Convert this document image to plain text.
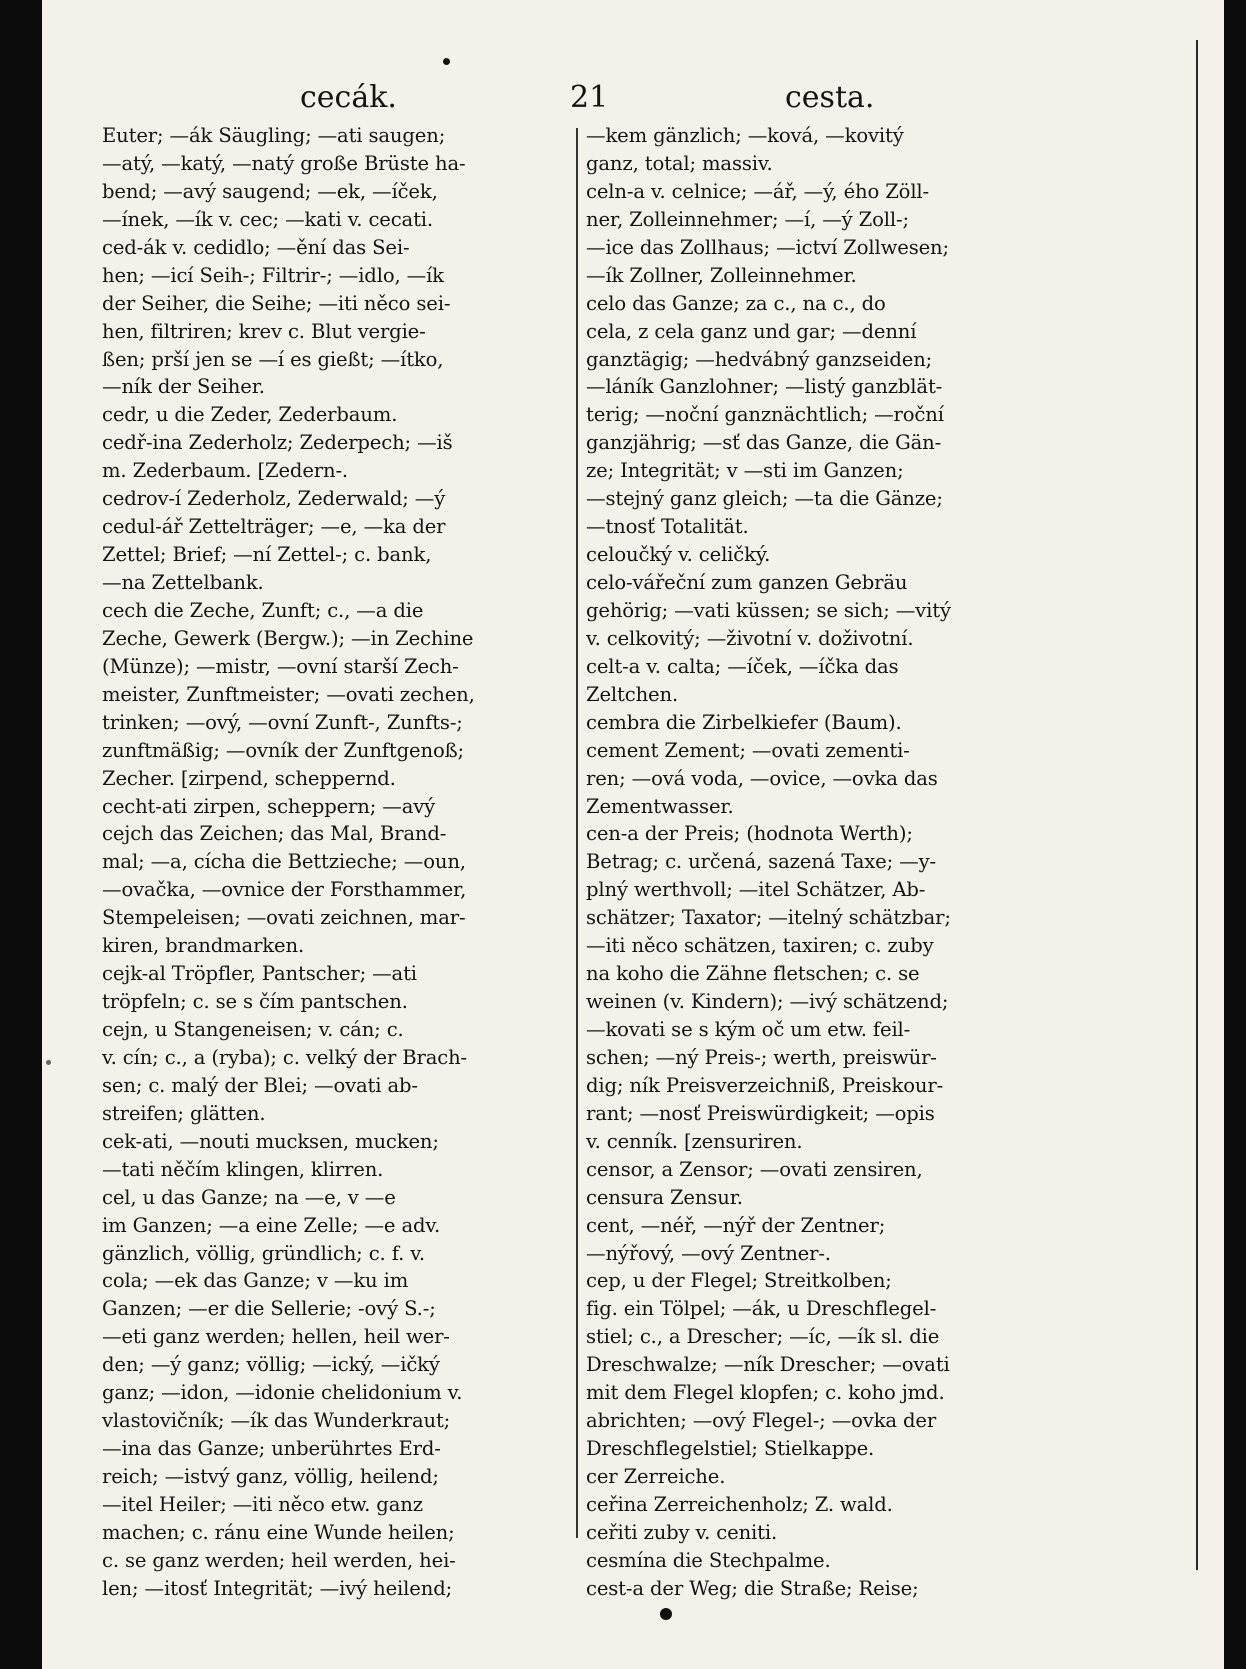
cecák.	21	cesta.
Euter; —ák Säugling; —ati saugen;
—atý, —katý, —natý große Brüste ha-
bend; —avý saugend; —ek, —íček,
—ínek, —ík v. cec; —kati v. cecati.
ced-ák v. cedidlo; —ění das Sei-
hen; —icí Seih-; Filtrir-; —idlo, —ík
der Seiher, die Seihe; —iti něco sei-
hen, filtriren; krev c. Blut vergie-
ßen; prší jen se —í es gießt; —ítko,
—ník der Seiher.
cedr, u die Zeder, Zederbaum.
cedř-ina Zederholz; Zederpech; —iš
m. Zederbaum. [Zedern-.
cedrov-í Zederholz, Zederwald; —ý
cedul-ář Zettelträger; —e, —ka der
Zettel; Brief; —ní Zettel-; c. bank,
—na Zettelbank.
cech die Zeche, Zunft; c., —a die
Zeche, Gewerk (Bergw.); —in Zechine
(Münze); —mistr, —ovní starší Zech-
meister, Zunftmeister; —ovati zechen,
trinken; —ový, —ovní Zunft-, Zunfts-;
zunftmäßig; —ovník der Zunftgenoß;
Zecher. [zirpend, scheppernd.
cecht-ati zirpen, scheppern; —avý
cejch das Zeichen; das Mal, Brand-
mal; —a, cícha die Bettzieche; —oun,
—ovačka, —ovnice der Forsthammer,
Stempeleisen; —ovati zeichnen, mar-
kiren, brandmarken.
cejk-al Tröpfler, Pantscher; —ati
tröpfeln; c. se s čím pantschen.
cejn, u Stangeneisen; v. cán; c.
v. cín; c., a (ryba); c. velký der Brach-
sen; c. malý der Blei; —ovati ab-
streifen; glätten.
cek-ati, —nouti mucksen, muckеn;
—tati něčím klingen, klirren.
cel, u das Ganze; na —e, v —e
im Ganzen; —a eine Zelle; —e adv.
gänzlich, völlig, gründlich; c. f. v.
cola; —ek das Ganze; v —ku im
Ganzen; —er die Sellerie; -ový S.-;
—eti ganz werden; hellen, heil wer-
den; —ý ganz; völlig; —ický, —ičký
ganz; —idon, —idonie chelidonium v.
vlastovičník; —ík das Wunderkraut;
—ina das Ganze; unberührtes Erd-
reich; —istvý ganz, völlig, heilend;
—itel Heiler; —iti něco etw. ganz
machen; c. ránu eine Wunde heilen;
c. se ganz werden; heil werden, hei-
len; —itosť Integrität; —ivý heilend;
—kem gänzlich; —ková, —kovitý
ganz, total; massiv.
celn-a v. celnice; —ář, —ý, ého Zöll-
ner, Zolleinnehmer; —í, —ý Zoll-;
—ice das Zollhaus; —ictví Zollwesen;
—ík Zollner, Zolleinnehmer.
celo das Ganze; za c., na c., do
cela, z cela ganz und gar; —denní
ganztägig; —hedvábný ganzseiden;
—láník Ganzlohner; —listý ganzblät-
terig; —noční ganznächtlich; —roční
ganzjährig; —sť das Ganze, die Gän-
ze; Integrität; v —sti im Ganzen;
—stejný ganz gleich; —ta die Gänze;
—tnosť Totalität.
celoučký v. celičký.
celo-vářeční zum ganzen Gebräu
gehörig; —vati küssen; se sich; —vitý
v. celkovitý; —životní v. doživotní.
celt-a v. calta; —íček, —íčka das
Zeltchen.
cembra die Zirbelkiefer (Baum).
cement Zement; —ovati zementi-
ren; —ová voda, —ovice, —ovka das
Zementwasser.
cen-a der Preis; (hodnota Werth);
Betrag; c. určená, sazená Taxe; —y-
plný werthvoll; —itel Schätzer, Ab-
schätzer; Taxator; —itelný schätzbar;
—iti něco schätzen, taxiren; c. zuby
na koho die Zähne fletschen; c. se
weinen (v. Kindern); —ivý schätzend;
—kovati se s kým oč um etw. feil-
schen; —ný Preis-; werth, preiswür-
dig; ník Preisverzeichniß, Preiskour-
rant; —nosť Preiswürdigkeit; —opis
v. cenník. [zensuriren.
censor, a Zensor; —ovati zensiren,
censura Zensur.
cent, —néř, —nýř der Zentner;
—nýřový, —ový Zentner-.
cep, u der Flegel; Streitkolben;
fig. ein Tölpel; —ák, u Dreschflegel-
stiel; c., a Drescher; —íc, —ík sl. die
Dreschwalze; —ník Drescher; —ovati
mit dem Flegel klopfen; c. koho jmd.
abrichten; —ový Flegel-; —ovka der
Dreschflegelstiel; Stielkappe.
cer Zerreiche.
ceřina Zerreichenholz; Z. wald.
ceřiti zuby v. ceniti.
cesmína die Stechpalme.
cest-a der Weg; die Straße; Reise;
